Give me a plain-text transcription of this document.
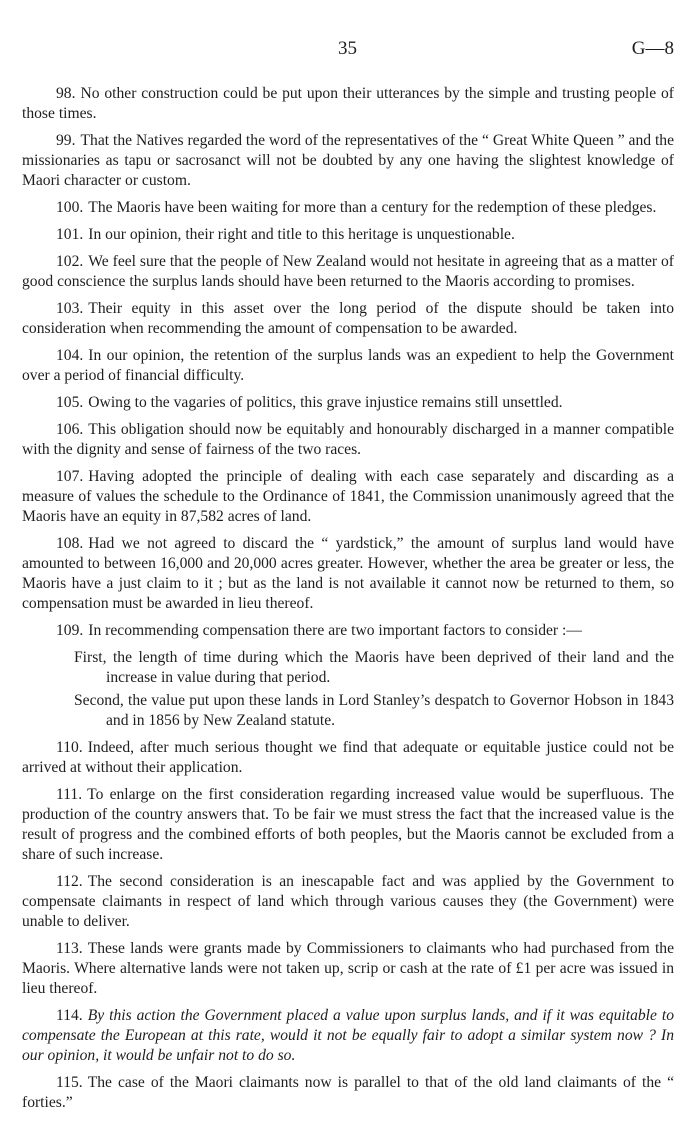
35	G—8

98. No other construction could be put upon their utterances by the simple and trusting people of those times.

99. That the Natives regarded the word of the representatives of the “ Great White Queen ” and the missionaries as tapu or sacrosanct will not be doubted by any one having the slightest knowledge of Maori character or custom.

100. The Maoris have been waiting for more than a century for the redemption of these pledges.

101. In our opinion, their right and title to this heritage is unquestionable.

102. We feel sure that the people of New Zealand would not hesitate in agreeing that as a matter of good conscience the surplus lands should have been returned to the Maoris according to promises.

103. Their equity in this asset over the long period of the dispute should be taken into consideration when recommending the amount of compensation to be awarded.

104. In our opinion, the retention of the surplus lands was an expedient to help the Government over a period of financial difficulty.

105. Owing to the vagaries of politics, this grave injustice remains still unsettled.

106. This obligation should now be equitably and honourably discharged in a manner compatible with the dignity and sense of fairness of the two races.

107. Having adopted the principle of dealing with each case separately and discarding as a measure of values the schedule to the Ordinance of 1841, the Commission unanimously agreed that the Maoris have an equity in 87,582 acres of land.

108. Had we not agreed to discard the “ yardstick,” the amount of surplus land would have amounted to between 16,000 and 20,000 acres greater. However, whether the area be greater or less, the Maoris have a just claim to it ; but as the land is not available it cannot now be returned to them, so compensation must be awarded in lieu thereof.

109. In recommending compensation there are two important factors to consider :—

First, the length of time during which the Maoris have been deprived of their land and the increase in value during that period.

Second, the value put upon these lands in Lord Stanley’s despatch to Governor Hobson in 1843 and in 1856 by New Zealand statute.

110. Indeed, after much serious thought we find that adequate or equitable justice could not be arrived at without their application.

111. To enlarge on the first consideration regarding increased value would be superfluous. The production of the country answers that. To be fair we must stress the fact that the increased value is the result of progress and the combined efforts of both peoples, but the Maoris cannot be excluded from a share of such increase.

112. The second consideration is an inescapable fact and was applied by the Government to compensate claimants in respect of land which through various causes they (the Government) were unable to deliver.

113. These lands were grants made by Commissioners to claimants who had purchased from the Maoris. Where alternative lands were not taken up, scrip or cash at the rate of £1 per acre was issued in lieu thereof.

114. By this action the Government placed a value upon surplus lands, and if it was equitable to compensate the European at this rate, would it not be equally fair to adopt a similar system now ? In our opinion, it would be unfair not to do so.

115. The case of the Maori claimants now is parallel to that of the old land claimants of the “ forties.”
